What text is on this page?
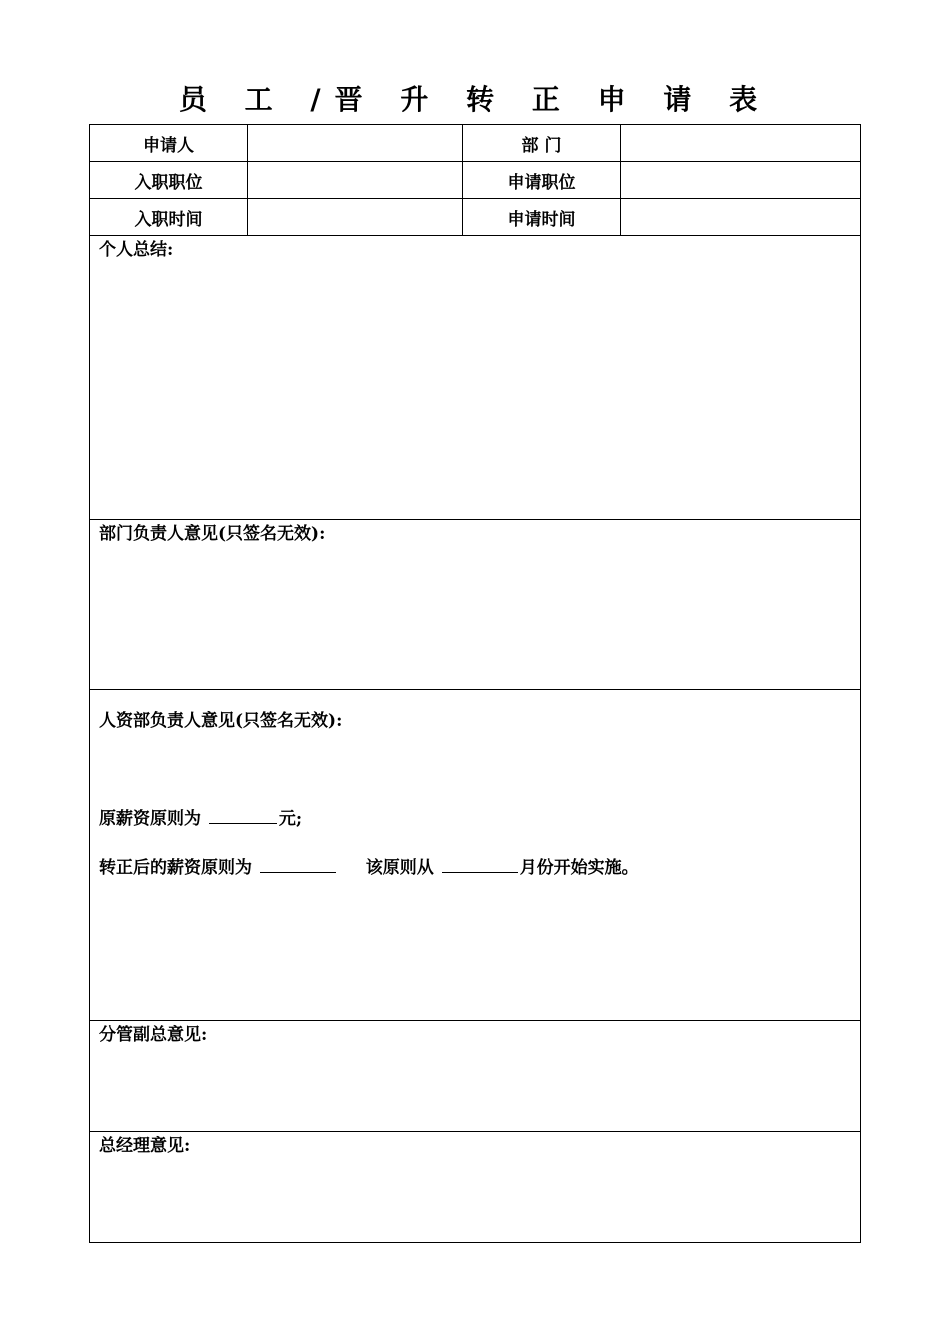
员 工 /晋 升 转 正 申 请 表
申请人		部 门	
入职职位		申请职位	
入职时间		申请时间	

个人总结:			

部门负责人意见(只签名无效):			

人资部负责人意见(只签名无效):
原薪资原则为 元;
转正后的薪资原则为 该原则从 月份开始实施。			

分管副总意见:			

总经理意见:			
